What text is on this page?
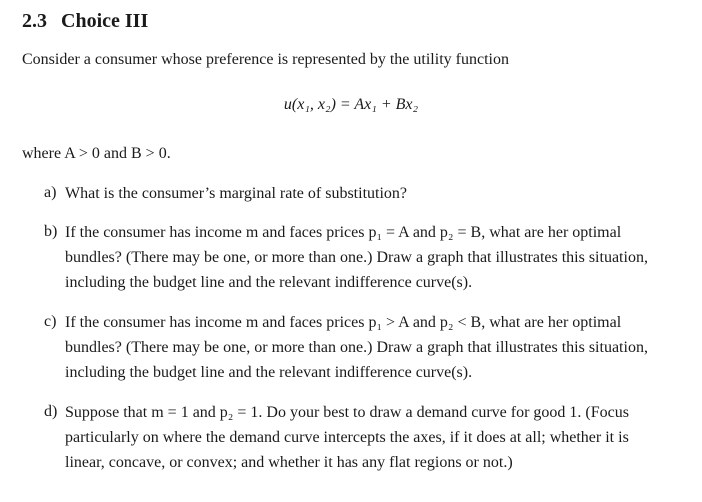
2.3 Choice III
Consider a consumer whose preference is represented by the utility function
u(x₁, x₂) = Ax₁ + Bx₂
where A > 0 and B > 0.
a) What is the consumer’s marginal rate of substitution?
b) If the consumer has income m and faces prices p₁ = A and p₂ = B, what are her optimal
bundles? (There may be one, or more than one.) Draw a graph that illustrates this situation,
including the budget line and the relevant indifference curve(s).
c) If the consumer has income m and faces prices p₁ > A and p₂ < B, what are her optimal
bundles? (There may be one, or more than one.) Draw a graph that illustrates this situation,
including the budget line and the relevant indifference curve(s).
d) Suppose that m = 1 and p₂ = 1. Do your best to draw a demand curve for good 1. (Focus
particularly on where the demand curve intercepts the axes, if it does at all; whether it is
linear, concave, or convex; and whether it has any flat regions or not.)
